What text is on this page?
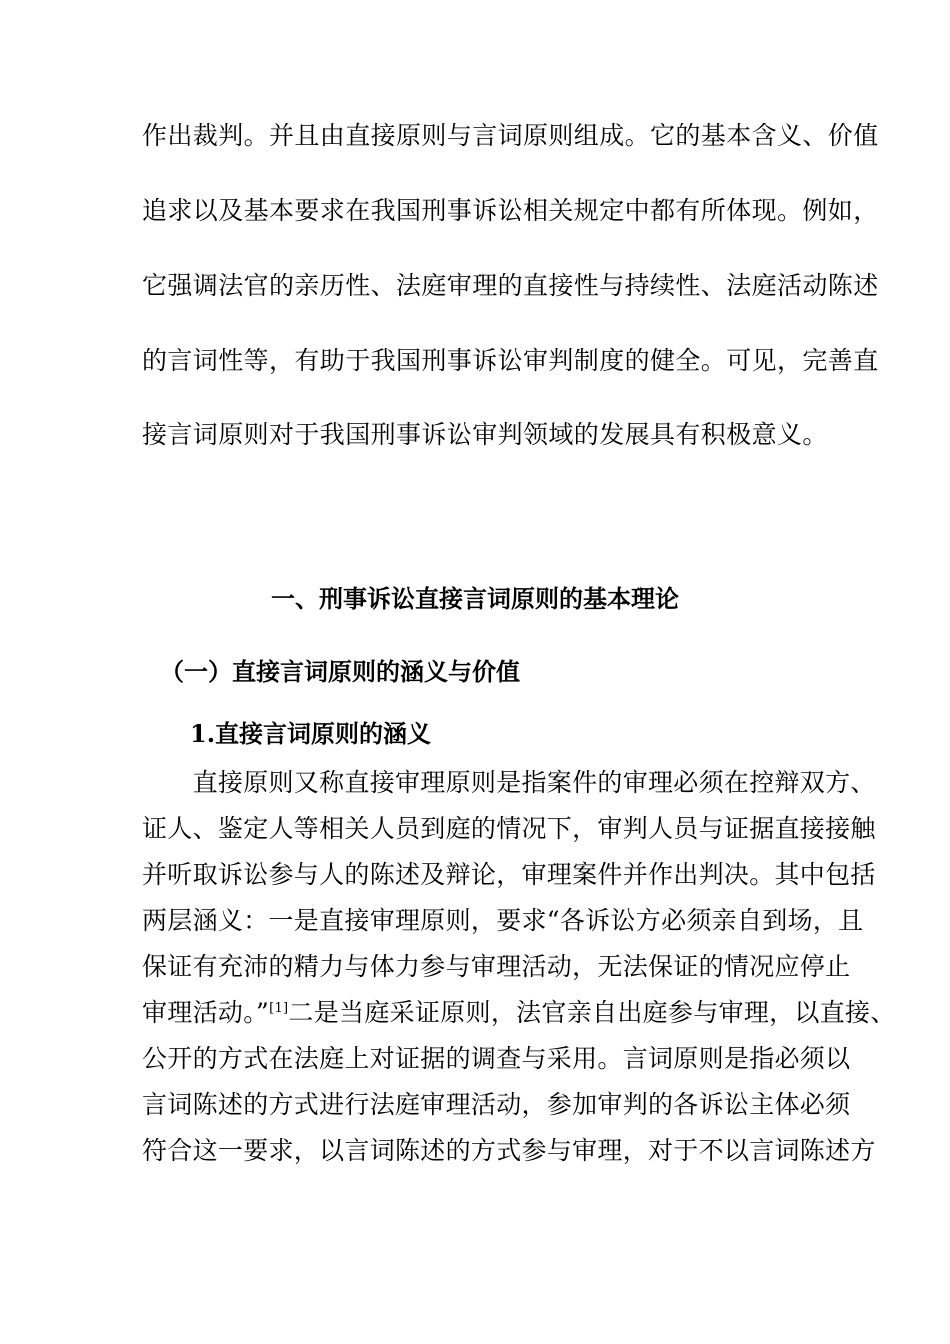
作出裁判。并且由直接原则与言词原则组成。它的基本含义、价值
追求以及基本要求在我国刑事诉讼相关规定中都有所体现。例如，
它强调法官的亲历性、法庭审理的直接性与持续性、法庭活动陈述
的言词性等，有助于我国刑事诉讼审判制度的健全。可见，完善直
接言词原则对于我国刑事诉讼审判领域的发展具有积极意义。
一、刑事诉讼直接言词原则的基本理论
（一）直接言词原则的涵义与价值
1.直接言词原则的涵义
　　直接原则又称直接审理原则是指案件的审理必须在控辩双方、
证人、鉴定人等相关人员到庭的情况下，审判人员与证据直接接触
并听取诉讼参与人的陈述及辩论，审理案件并作出判决。其中包括
两层涵义：一是直接审理原则，要求“各诉讼方必须亲自到场，且
保证有充沛的精力与体力参与审理活动，无法保证的情况应停止
审理活动。”[1]二是当庭采证原则，法官亲自出庭参与审理，以直接、
公开的方式在法庭上对证据的调查与采用。言词原则是指必须以
言词陈述的方式进行法庭审理活动，参加审判的各诉讼主体必须
符合这一要求，以言词陈述的方式参与审理，对于不以言词陈述方
